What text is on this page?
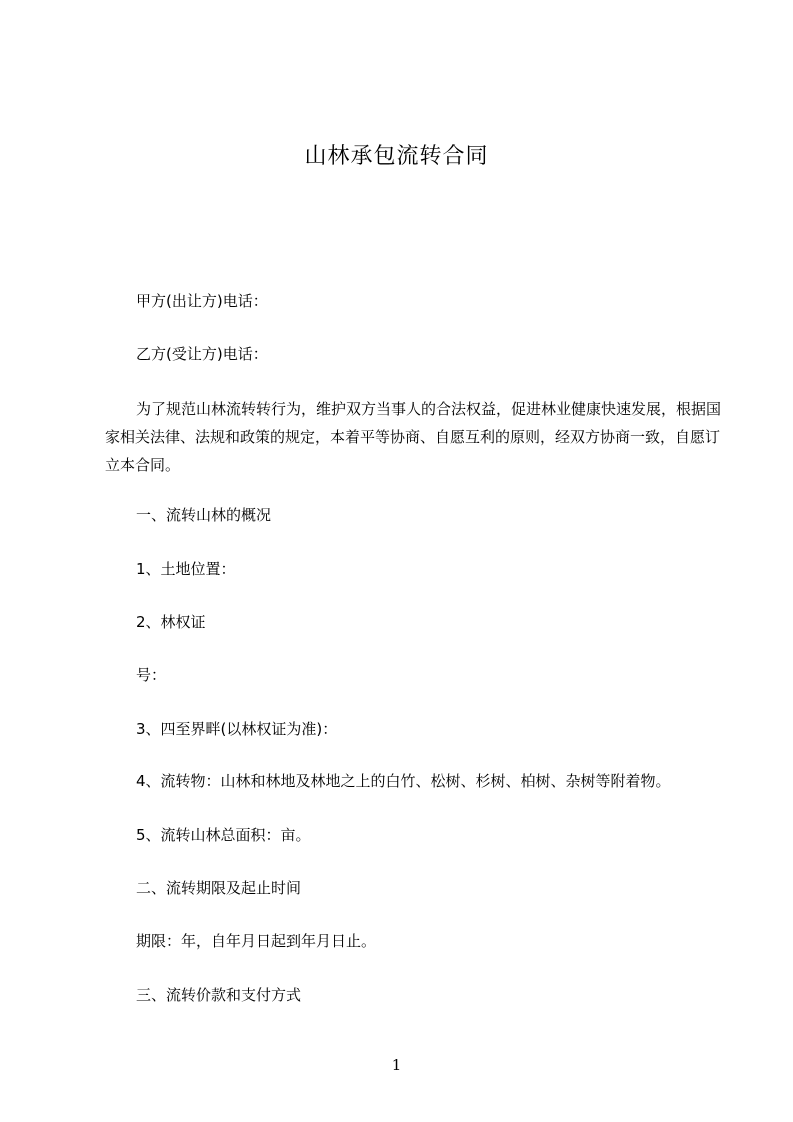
山林承包流转合同
甲方(出让方)电话：
乙方(受让方)电话：
为了规范山林流转转行为，维护双方当事人的合法权益，促进林业健康快速发展，根据国家相关法律、法规和政策的规定，本着平等协商、自愿互利的原则，经双方协商一致，自愿订立本合同。
一、流转山林的概况
1、土地位置：
2、林权证
号：
3、四至界畔(以林权证为准)：
4、流转物：山林和林地及林地之上的白竹、松树、杉树、柏树、杂树等附着物。
5、流转山林总面积：亩。
二、流转期限及起止时间
期限：年，自年月日起到年月日止。
三、流转价款和支付方式
1
